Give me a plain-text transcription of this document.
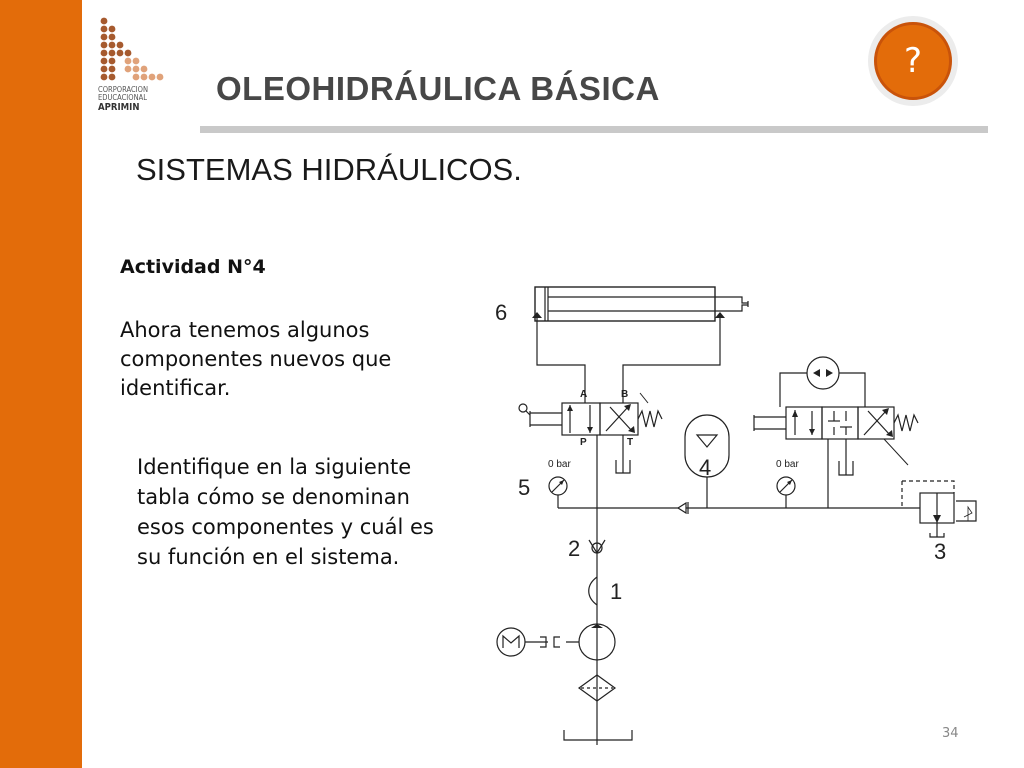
CORPORACION
EDUCACIONAL
APRIMIN
OLEOHIDRÁULICA BÁSICA
?
SISTEMAS HIDRÁULICOS.
Actividad N°4
Ahora tenemos algunos componentes nuevos que identificar.
Identifique en la siguiente tabla cómo se denominan esos componentes y cuál es su función en el sistema.
A	B
P	T
0 bar
5
4	0 bar
3
2
1
6
34
